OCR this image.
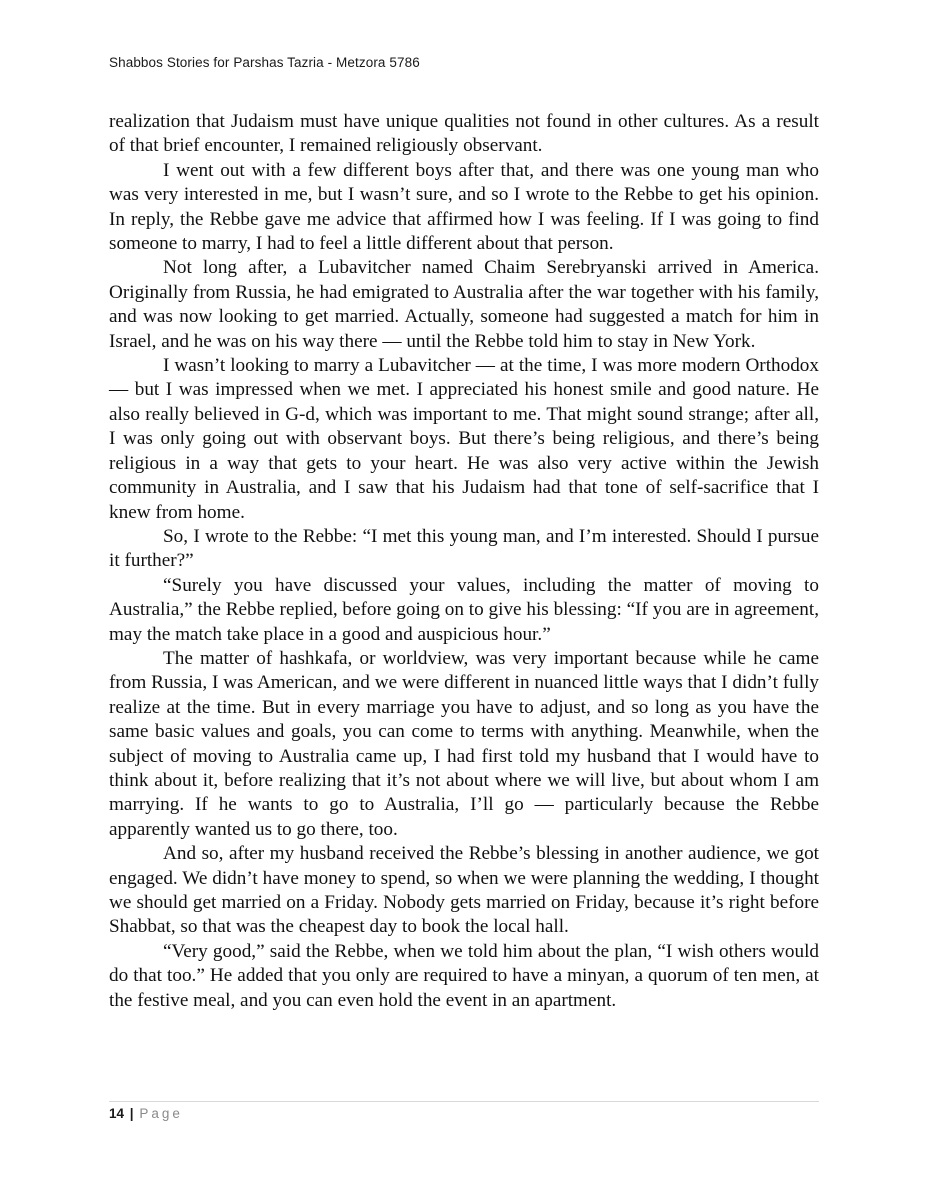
Shabbos Stories for Parshas Tazria - Metzora 5786

realization that Judaism must have unique qualities not found in other cultures. As a result of that brief encounter, I remained religiously observant.

I went out with a few different boys after that, and there was one young man who was very interested in me, but I wasn’t sure, and so I wrote to the Rebbe to get his opinion. In reply, the Rebbe gave me advice that affirmed how I was feeling. If I was going to find someone to marry, I had to feel a little different about that person.

Not long after, a Lubavitcher named Chaim Serebryanski arrived in America. Originally from Russia, he had emigrated to Australia after the war together with his family, and was now looking to get married. Actually, someone had suggested a match for him in Israel, and he was on his way there — until the Rebbe told him to stay in New York.

I wasn’t looking to marry a Lubavitcher — at the time, I was more modern Orthodox — but I was impressed when we met. I appreciated his honest smile and good nature. He also really believed in G-d, which was important to me. That might sound strange; after all, I was only going out with observant boys. But there’s being religious, and there’s being religious in a way that gets to your heart. He was also very active within the Jewish community in Australia, and I saw that his Judaism had that tone of self-sacrifice that I knew from home.

So, I wrote to the Rebbe: “I met this young man, and I’m interested. Should I pursue it further?”

“Surely you have discussed your values, including the matter of moving to Australia,” the Rebbe replied, before going on to give his blessing: “If you are in agreement, may the match take place in a good and auspicious hour.”

The matter of hashkafa, or worldview, was very important because while he came from Russia, I was American, and we were different in nuanced little ways that I didn’t fully realize at the time. But in every marriage you have to adjust, and so long as you have the same basic values and goals, you can come to terms with anything. Meanwhile, when the subject of moving to Australia came up, I had first told my husband that I would have to think about it, before realizing that it’s not about where we will live, but about whom I am marrying. If he wants to go to Australia, I’ll go — particularly because the Rebbe apparently wanted us to go there, too.

And so, after my husband received the Rebbe’s blessing in another audience, we got engaged. We didn’t have money to spend, so when we were planning the wedding, I thought we should get married on a Friday. Nobody gets married on Friday, because it’s right before Shabbat, so that was the cheapest day to book the local hall.

“Very good,” said the Rebbe, when we told him about the plan, “I wish others would do that too.” He added that you only are required to have a minyan, a quorum of ten men, at the festive meal, and you can even hold the event in an apartment.

14 | Page
